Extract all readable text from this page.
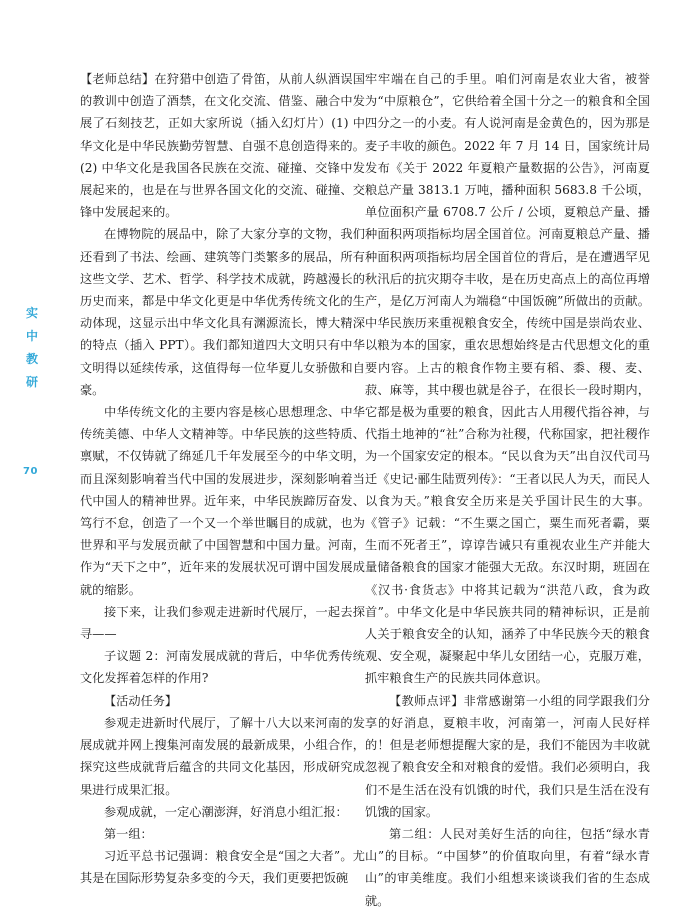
实
中
教
研
70

【老师总结】在狩猎中创造了骨笛，从前人纵酒误国的教训中创造了酒禁，在文化交流、借鉴、融合中发展了石刻技艺，正如大家所说（插入幻灯片）(1) 中华文化是中华民族勤劳智慧、自强不息创造得来的。(2) 中华文化是我国各民族在交流、碰撞、交锋中发展起来的，也是在与世界各国文化的交流、碰撞、交锋中发展起来的。

在博物院的展品中，除了大家分享的文物，我们还看到了书法、绘画、建筑等门类繁多的展品，所有这些文学、艺术、哲学、科学技术成就，跨越漫长的历史而来，都是中华文化更是中华优秀传统文化的生动体现，这显示出中华文化具有渊源流长，博大精深的特点（插入 PPT）。我们都知道四大文明只有中华文明得以延续传承，这值得每一位华夏儿女骄傲和自豪。

中华传统文化的主要内容是核心思想理念、中华传统美德、中华人文精神等。中华民族的这些特质、禀赋，不仅铸就了绵延几千年发展至今的中华文明，而且深刻影响着当代中国的发展进步，深刻影响着当代中国人的精神世界。近年来，中华民族蹄厉奋发、笃行不怠，创造了一个又一个举世瞩目的成就，也为世界和平与发展贡献了中国智慧和中国力量。河南，作为“天下之中”，近年来的发展状况可谓中国发展成就的缩影。

接下来，让我们参观走进新时代展厅，一起去探寻——

子议题 2：河南发展成就的背后，中华优秀传统文化发挥着怎样的作用?

【活动任务】

参观走进新时代展厅，了解十八大以来河南的发展成就并网上搜集河南发展的最新成果，小组合作，探究这些成就背后蕴含的共同文化基因，形成研究成果进行成果汇报。

参观成就，一定心潮澎湃，好消息小组汇报：

第一组：

习近平总书记强调：粮食安全是“国之大者”。尤其是在国际形势复杂多变的今天，我们更要把饭碗

牢牢端在自己的手里。咱们河南是农业大省，被誉为“中原粮仓”，它供给着全国十分之一的粮食和全国四分之一的小麦。有人说河南是金黄色的，因为那是麦子丰收的颜色。2022 年 7 月 14 日，国家统计局发布《关于 2022 年夏粮产量数据的公告》，河南夏粮总产量 3813.1 万吨，播种面积 5683.8 千公顷，单位面积产量 6708.7 公斤 / 公顷，夏粮总产量、播种面积两项指标均居全国首位。河南夏粮总产量、播种面积两项指标均居全国首位的背后，是在遭遇罕见秋汛后的抗灾期夺丰收，是在历史高点上的高位再增产，是亿万河南人为端稳“中国饭碗”所做出的贡献。中华民族历来重视粮食安全，传统中国是崇尚农业、以粮为本的国家，重农思想始终是古代思想文化的重要内容。上古的粮食作物主要有稻、黍、稷、麦、菽、麻等，其中稷也就是谷子，在很长一段时期内，它都是极为重要的粮食，因此古人用稷代指谷神，与代指土地神的“社”合称为社稷，代称国家，把社稷作为一个国家安定的根本。“民以食为天”出自汉代司马迁《史记·郦生陆贾列传》：“王者以民人为天，而民人以食为天。”粮食安全历来是关乎国计民生的大事。《管子》记载：“不生粟之国亡，粟生而死者霸，粟生而不死者王”，谆谆告诫只有重视农业生产并能大量储备粮食的国家才能强大无敌。东汉时期，班固在《汉书·食货志》中将其记载为“洪范八政，食为政首”。中华文化是中华民族共同的精神标识，正是前人关于粮食安全的认知，涵养了中华民族今天的粮食观、安全观，凝聚起中华儿女团结一心，克服万难，抓牢粮食生产的民族共同体意识。

【教师点评】非常感谢第一小组的同学跟我们分享的好消息，夏粮丰收，河南第一，河南人民好样的！但是老师想提醒大家的是，我们不能因为丰收就忽视了粮食安全和对粮食的爱惜。我们必须明白，我们不是生活在没有饥饿的时代，我们只是生活在没有饥饿的国家。

第二组：人民对美好生活的向往，包括“绿水青山”的目标。“中国梦”的价值取向里，有着“绿水青山”的审美维度。我们小组想来谈谈我们省的生态成就。
